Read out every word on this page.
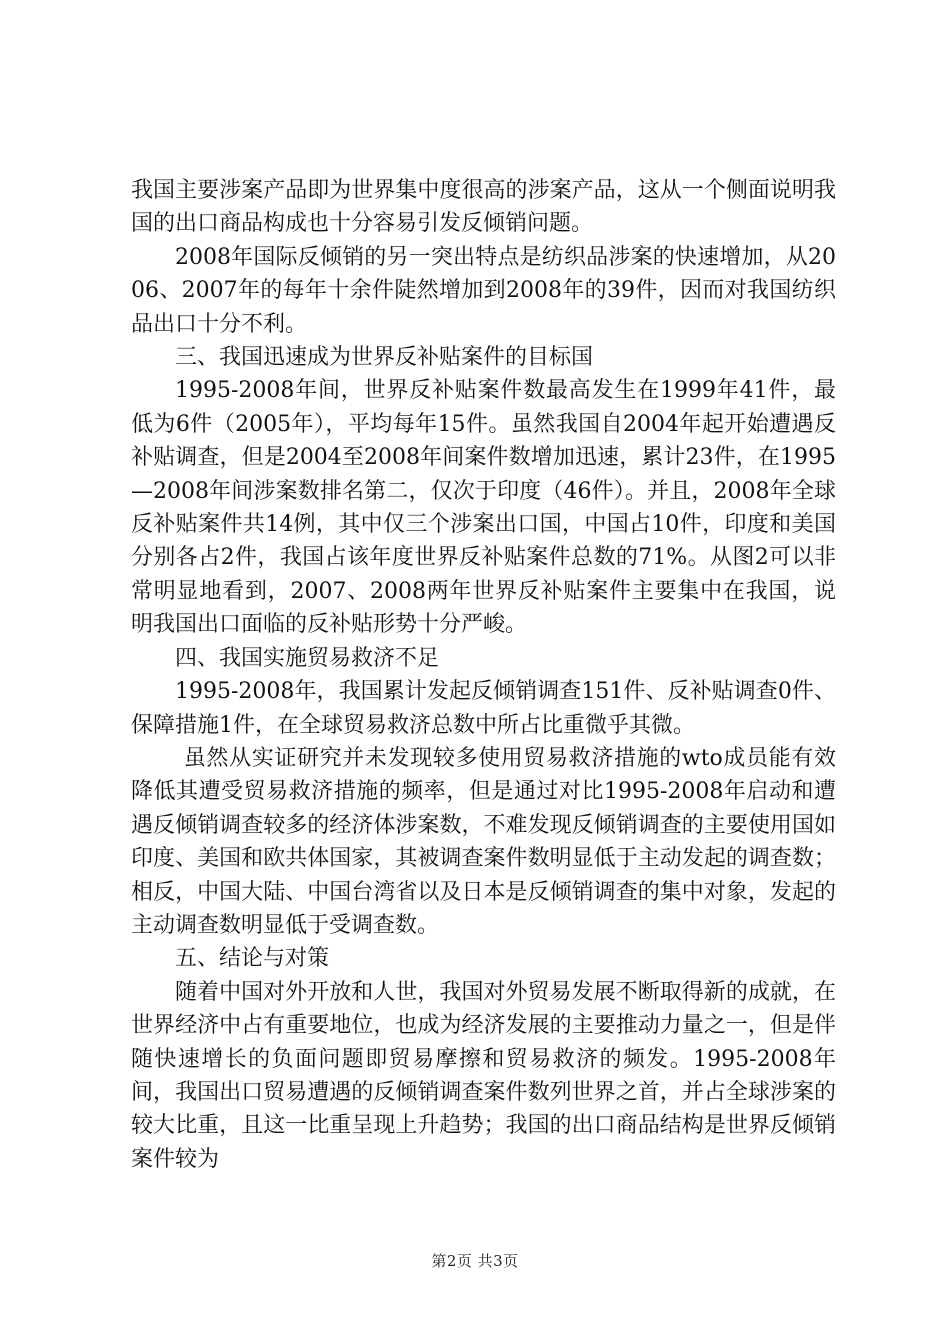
我国主要涉案产品即为世界集中度很高的涉案产品，这从一个侧面说明我国的出口商品构成也十分容易引发反倾销问题。

2008年国际反倾销的另一突出特点是纺织品涉案的快速增加，从2006、2007年的每年十余件陡然增加到2008年的39件，因而对我国纺织品出口十分不利。

三、我国迅速成为世界反补贴案件的目标国

1995-2008年间，世界反补贴案件数最高发生在1999年41件，最低为6件（2005年），平均每年15件。虽然我国自2004年起开始遭遇反补贴调查，但是2004至2008年间案件数增加迅速，累计23件，在1995—2008年间涉案数排名第二，仅次于印度（46件）。并且，2008年全球反补贴案件共14例，其中仅三个涉案出口国，中国占10件，印度和美国分别各占2件，我国占该年度世界反补贴案件总数的71%。从图2可以非常明显地看到，2007、2008两年世界反补贴案件主要集中在我国，说明我国出口面临的反补贴形势十分严峻。

四、我国实施贸易救济不足

1995-2008年，我国累计发起反倾销调查151件、反补贴调查0件、保障措施1件，在全球贸易救济总数中所占比重微乎其微。

虽然从实证研究并未发现较多使用贸易救济措施的wto成员能有效降低其遭受贸易救济措施的频率，但是通过对比1995-2008年启动和遭遇反倾销调查较多的经济体涉案数，不难发现反倾销调查的主要使用国如印度、美国和欧共体国家，其被调查案件数明显低于主动发起的调查数；相反，中国大陆、中国台湾省以及日本是反倾销调查的集中对象，发起的主动调查数明显低于受调查数。

五、结论与对策

随着中国对外开放和人世，我国对外贸易发展不断取得新的成就，在世界经济中占有重要地位，也成为经济发展的主要推动力量之一，但是伴随快速增长的负面问题即贸易摩擦和贸易救济的频发。1995-2008年间，我国出口贸易遭遇的反倾销调查案件数列世界之首，并占全球涉案的较大比重，且这一比重呈现上升趋势；我国的出口商品结构是世界反倾销案件较为

第2页 共3页
